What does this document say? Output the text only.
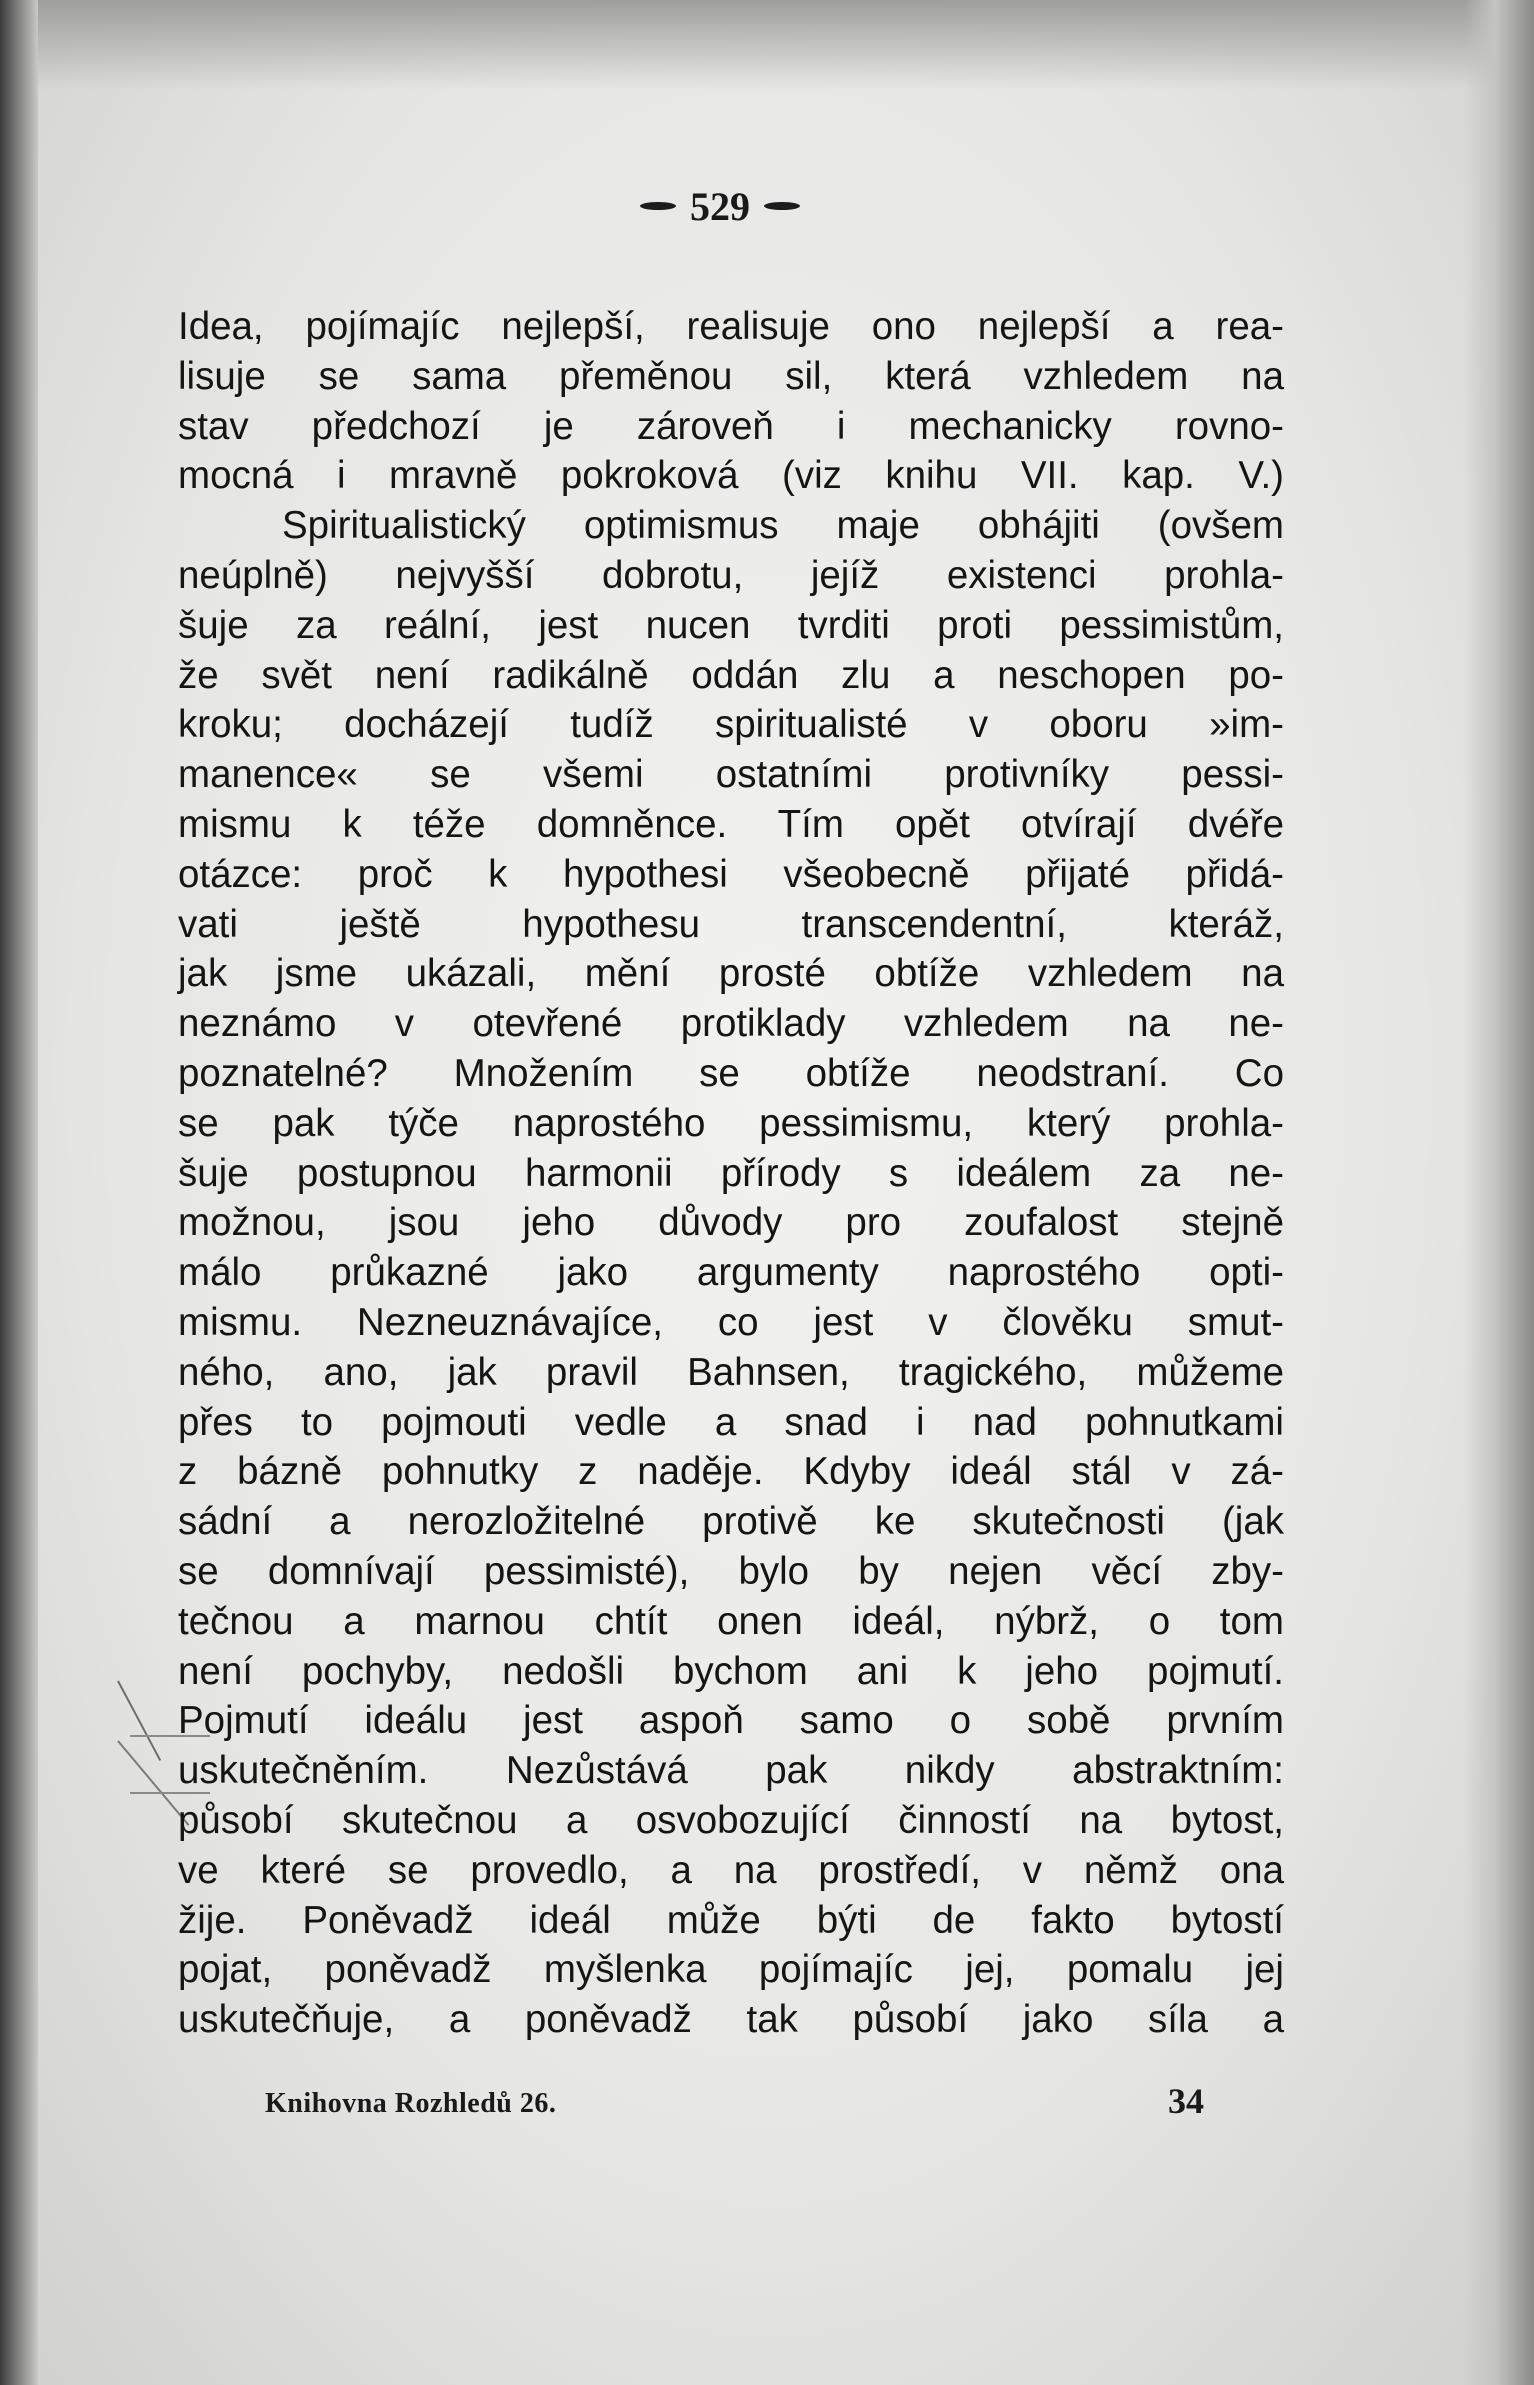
529
Idea, pojímajíc nejlepší, realisuje ono nejlepší a rea-
lisuje se sama přeměnou sil, která vzhledem na
stav předchozí je zároveň i mechanicky rovno-
mocná i mravně pokroková (viz knihu VII. kap. V.)
Spiritualistický optimismus maje obhájiti (ovšem
neúplně) nejvyšší dobrotu, jejíž existenci prohla-
šuje za reální, jest nucen tvrditi proti pessimistům,
že svět není radikálně oddán zlu a neschopen po-
kroku; docházejí tudíž spiritualisté v oboru »im-
manence« se všemi ostatními protivníky pessi-
mismu k téže domněnce. Tím opět otvírají dvéře
otázce: proč k hypothesi všeobecně přijaté přidá-
vati ještě hypothesu transcendentní, kteráž,
jak jsme ukázali, mění prosté obtíže vzhledem na
neznámo v otevřené protiklady vzhledem na ne-
poznatelné? Množením se obtíže neodstraní. Co
se pak týče naprostého pessimismu, který prohla-
šuje postupnou harmonii přírody s ideálem za ne-
možnou, jsou jeho důvody pro zoufalost stejně
málo průkazné jako argumenty naprostého opti-
mismu. Nezneuznávajíce, co jest v člověku smut-
ného, ano, jak pravil Bahnsen, tragického, můžeme
přes to pojmouti vedle a snad i nad pohnutkami
z bázně pohnutky z naděje. Kdyby ideál stál v zá-
sádní a nerozložitelné protivě ke skutečnosti (jak
se domnívají pessimisté), bylo by nejen věcí zby-
tečnou a marnou chtít onen ideál, nýbrž, o tom
není pochyby, nedošli bychom ani k jeho pojmutí.
Pojmutí ideálu jest aspoň samo o sobě prvním
uskutečněním. Nezůstává pak nikdy abstraktním:
působí skutečnou a osvobozující činností na bytost,
ve které se provedlo, a na prostředí, v němž ona
žije. Poněvadž ideál může býti de fakto bytostí
pojat, poněvadž myšlenka pojímajíc jej, pomalu jej
uskutečňuje, a poněvadž tak působí jako síla a
Knihovna Rozhledů 26.	34
